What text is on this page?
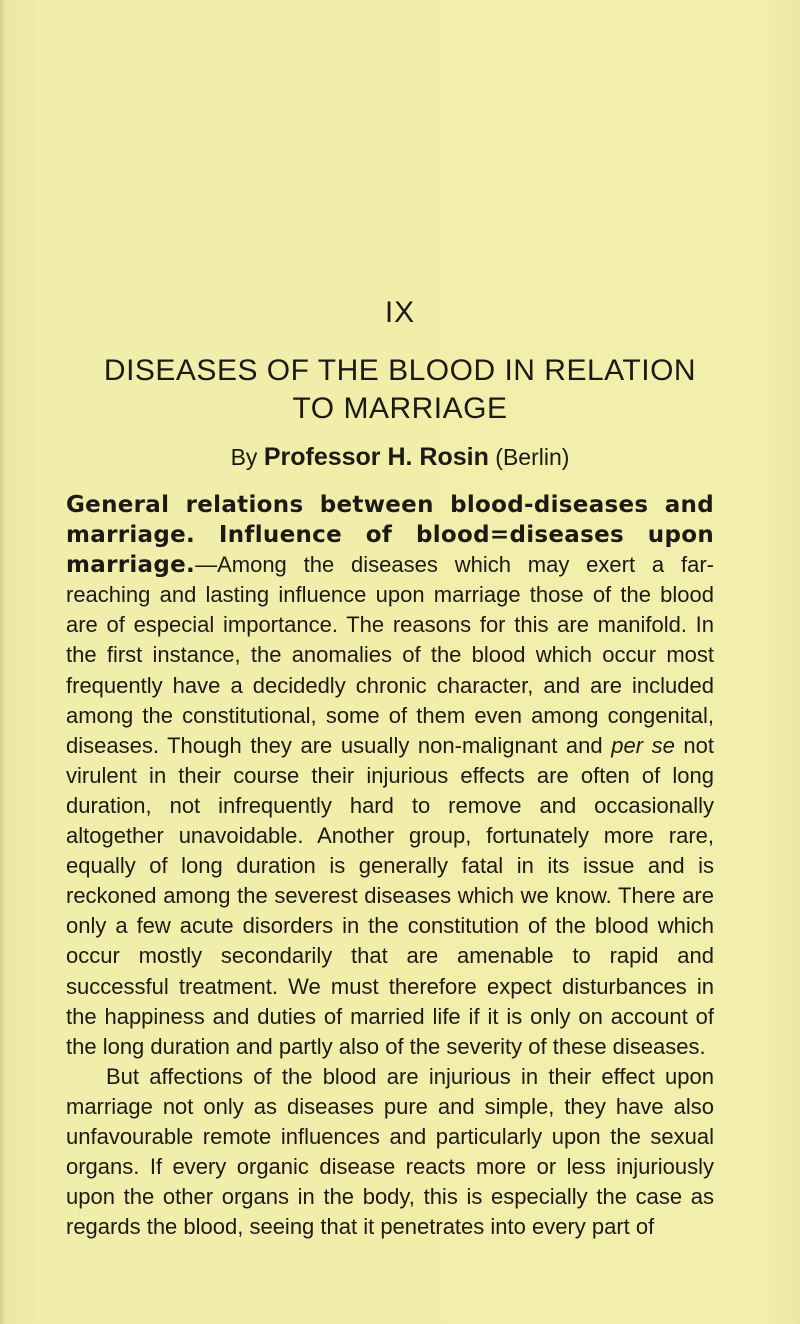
IX
DISEASES OF THE BLOOD IN RELATION
TO MARRIAGE
By Professor H. Rosin (Berlin)

General relations between blood-diseases and marriage. Influence of blood=diseases upon marriage.—Among the diseases which may exert a far-reaching and lasting influence upon marriage those of the blood are of especial importance. The reasons for this are manifold. In the first instance, the anomalies of the blood which occur most frequently have a decidedly chronic character, and are included among the constitutional, some of them even among congenital, diseases. Though they are usually non-malignant and per se not virulent in their course their injurious effects are often of long duration, not infrequently hard to remove and occasionally altogether unavoidable. Another group, fortunately more rare, equally of long duration is generally fatal in its issue and is reckoned among the severest diseases which we know. There are only a few acute disorders in the constitution of the blood which occur mostly secondarily that are amenable to rapid and successful treatment. We must therefore expect disturbances in the happiness and duties of married life if it is only on account of the long duration and partly also of the severity of these diseases.

But affections of the blood are injurious in their effect upon marriage not only as diseases pure and simple, they have also unfavourable remote influences and particularly upon the sexual organs. If every organic disease reacts more or less injuriously upon the other organs in the body, this is especially the case as regards the blood, seeing that it penetrates into every part of
